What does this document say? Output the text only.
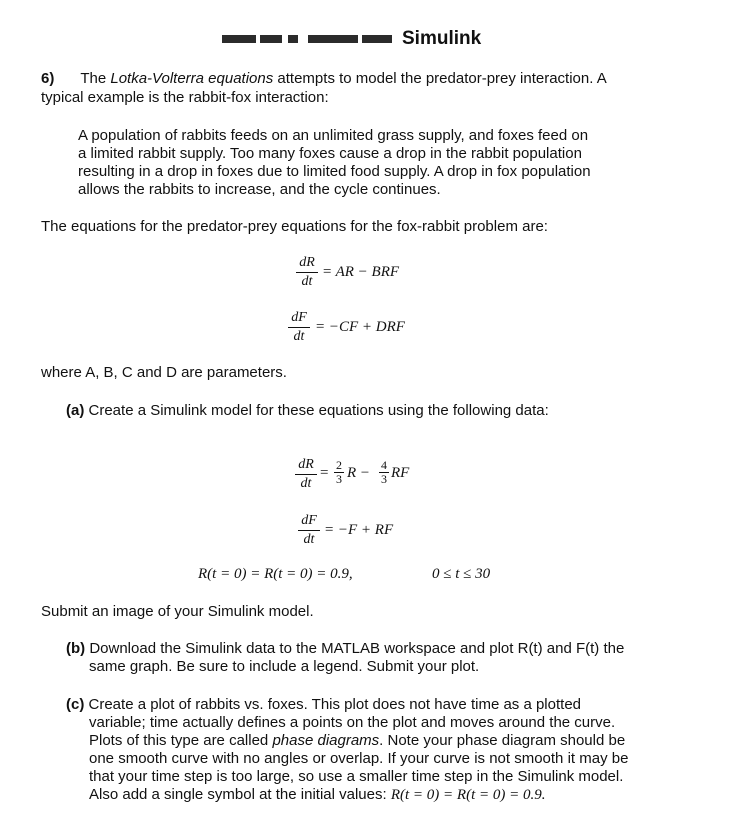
Simulink
6) The Lotka-Volterra equations attempts to model the predator-prey interaction. A
typical example is the rabbit-fox interaction:
A population of rabbits feeds on an unlimited grass supply, and foxes feed on
a limited rabbit supply. Too many foxes cause a drop in the rabbit population
resulting in a drop in foxes due to limited food supply. A drop in fox population
allows the rabbits to increase, and the cycle continues.
The equations for the predator-prey equations for the fox-rabbit problem are:
$\frac{dR}{dt}$ = AR − BRF
$\frac{dF}{dt} = -CF$ + DRF
where A, B, C and D are parameters.
(a) Create a Simulink model for these equations using the following data:
$\frac{dR}{dt} = \frac{2}{3}$ $R - \frac{4}{3}$ RF
$\frac{dF}{dt} = -F$ + RF
R(t = 0) = R(t = 0) = 0.9,	0 ≤ t ≤ 30
Submit an image of your Simulink model.
(b) Download the Simulink data to the MATLAB workspace and plot R(t) and F(t) the
same graph. Be sure to include a legend. Submit your plot.
(c) Create a plot of rabbits vs. foxes. This plot does not have time as a plotted
variable; time actually defines a points on the plot and moves around the curve.
Plots of this type are called phase diagrams. Note your phase diagram should be
one smooth curve with no angles or overlap. If your curve is not smooth it may be
that your time step is too large, so use a smaller time step in the Simulink model.
Also add a single symbol at the initial values: R(t = 0) = R(t = 0) = 0.9.
